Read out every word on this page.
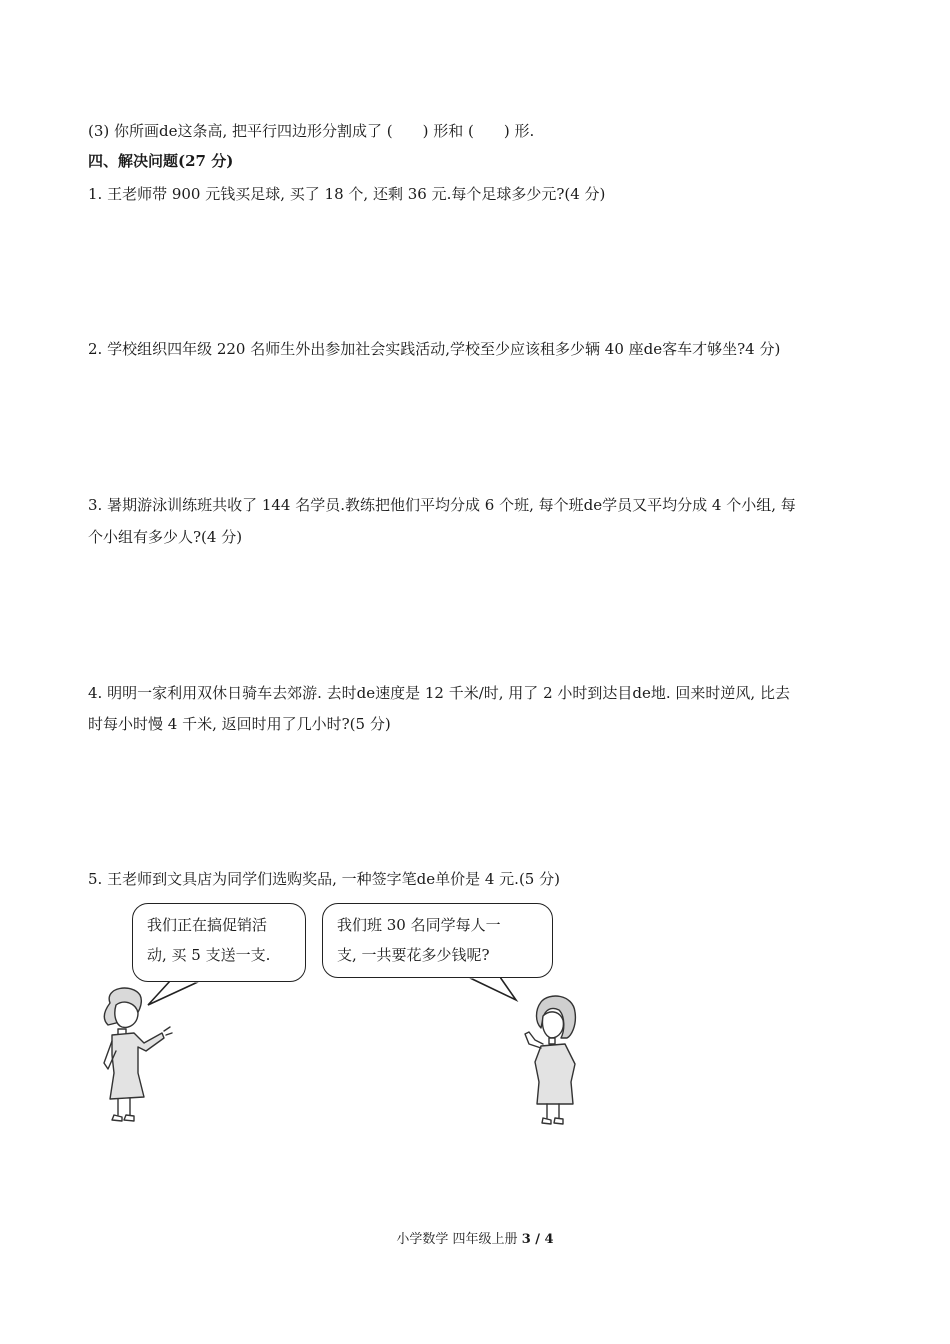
(3) 你所画de这条高, 把平行四边形分割成了 (　　) 形和 (　　) 形.
四、解决问题(27 分)
1. 王老师带 900 元钱买足球, 买了 18 个, 还剩 36 元.每个足球多少元?(4 分)
2. 学校组织四年级 220 名师生外出参加社会实践活动,学校至少应该租多少辆 40 座de客车才够坐?4 分)
3. 暑期游泳训练班共收了 144 名学员.教练把他们平均分成 6 个班, 每个班de学员又平均分成 4 个小组, 每
个小组有多少人?(4 分)
4. 明明一家利用双休日骑车去郊游. 去时de速度是 12 千米/时, 用了 2 小时到达目de地. 回来时逆风, 比去
时每小时慢 4 千米, 返回时用了几小时?(5 分)
5. 王老师到文具店为同学们选购奖品, 一种签字笔de单价是 4 元.(5 分)
我们正在搞促销活
动, 买 5 支送一支.
我们班 30 名同学每人一
支, 一共要花多少钱呢?
小学数学 四年级上册 3 / 4
